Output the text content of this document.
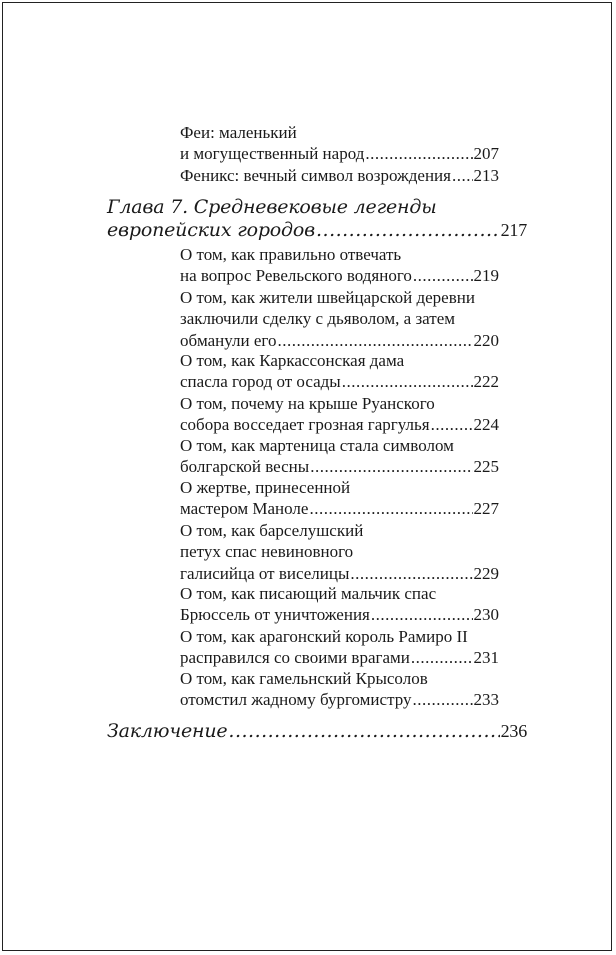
Феи: маленький
и могущественный народ .....	207
Феникс: вечный символ возрождения ..... 213
Глава 7. Средневековые легенды
европейских городов .....	217
О том, как правильно отвечать
на вопрос Ревельского водяного .....	219
О том, как жители швейцарской деревни
заключили сделку с дьяволом, а затем
обманули его .....	220
О том, как Каркассонская дама
спасла город от осады .....	222
О том, почему на крыше Руанского
собора восседает грозная гаргулья .....	224
О том, как мартеница стала символом
болгарской весны .....	225
О жертве, принесенной
мастером Маноле .....	227
О том, как барселушский
петух спас невиновного
галисийца от виселицы .....	229
О том, как писающий мальчик спас
Брюссель от уничтожения .....	230
О том, как арагонский король Рамиро II
расправился со своими врагами .....	231
О том, как гамельнский Крысолов
отомстил жадному бургомистру .....	233
Заключение .....	236
